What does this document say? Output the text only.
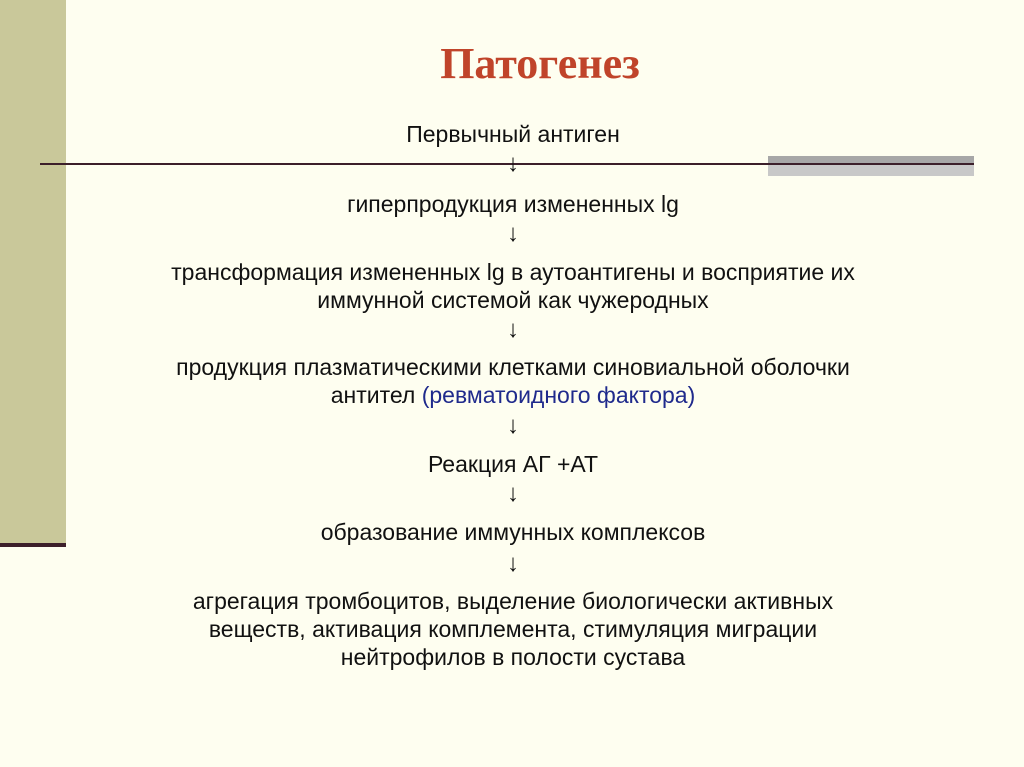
Патогенез
Первычный антиген
↓
гиперпродукция измененных lg
↓
трансформация измененных lg в аутоантигены и восприятие их
иммунной системой как чужеродных
↓
продукция плазматическими клетками синовиальной оболочки
антител (ревматоидного фактора)
↓
Реакция АГ +АТ
↓
образование иммунных комплексов
↓
агрегация тромбоцитов, выделение биологически активных
веществ, активация комплемента, стимуляция миграции
нейтрофилов в полости сустава
